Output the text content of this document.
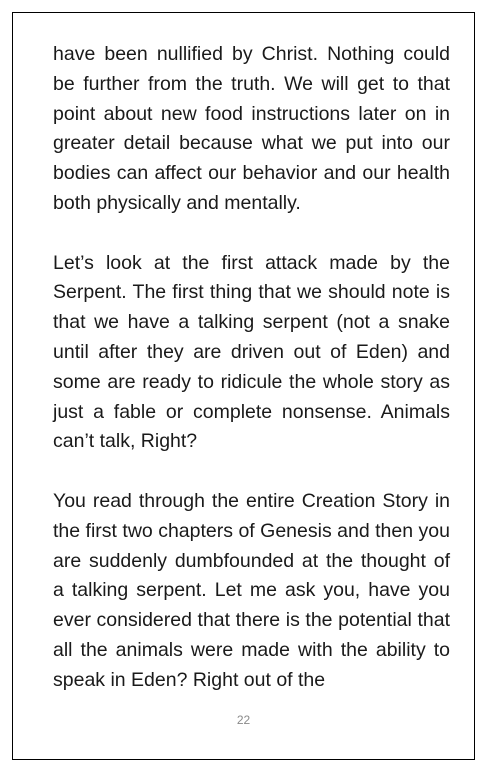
have been nullified by Christ. Nothing could be further from the truth. We will get to that point about new food instructions later on in greater detail because what we put into our bodies can affect our behavior and our health both physically and mentally.

Let’s look at the first attack made by the Serpent. The first thing that we should note is that we have a talking serpent (not a snake until after they are driven out of Eden) and some are ready to ridicule the whole story as just a fable or complete nonsense. Animals can’t talk, Right?

You read through the entire Creation Story in the first two chapters of Genesis and then you are suddenly dumbfounded at the thought of a talking serpent. Let me ask you, have you ever considered that there is the potential that all the animals were made with the ability to speak in Eden? Right out of the

22
